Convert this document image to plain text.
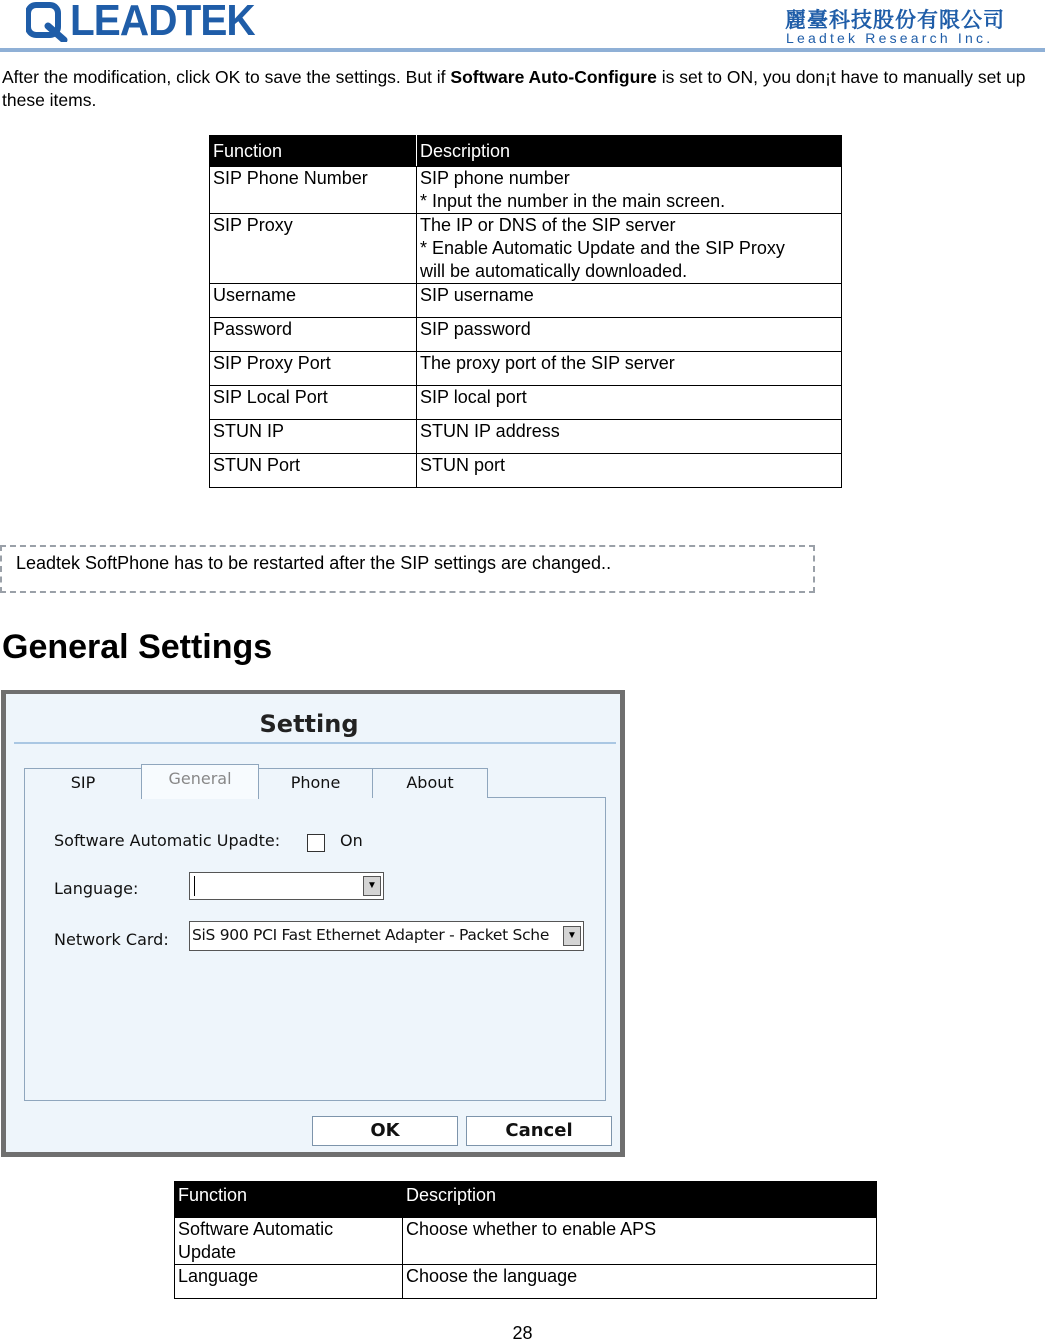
LEADTEK	麗臺科技股份有限公司
Leadtek Research Inc.
After the modification, click OK to save the settings. But if Software Auto-Configure is set to ON, you don¡t have to manually set up these items.
Function	Description

SIP Phone Number	SIP phone number
* Input the number in the main screen.

SIP Proxy	The IP or DNS of the SIP server
* Enable Automatic Update and the SIP Proxy
will be automatically downloaded.

Username	SIP username

Password	SIP password

SIP Proxy Port	The proxy port of the SIP server

SIP Local Port	SIP local port

STUN IP	STUN IP address

STUN Port	STUN port
Leadtek SoftPhone has to be restarted after the SIP settings are changed..
General Settings
Setting
SIP	General	Phone	About
Software Automatic Upadte:	On
Language:	▼
Network Card: SiS 900 PCI Fast Ethernet Adapter - Packet Sche	▼
OK	Cancel
Function	Description

Software Automatic
Update	Choose whether to enable APS

Language	Choose the language
28
